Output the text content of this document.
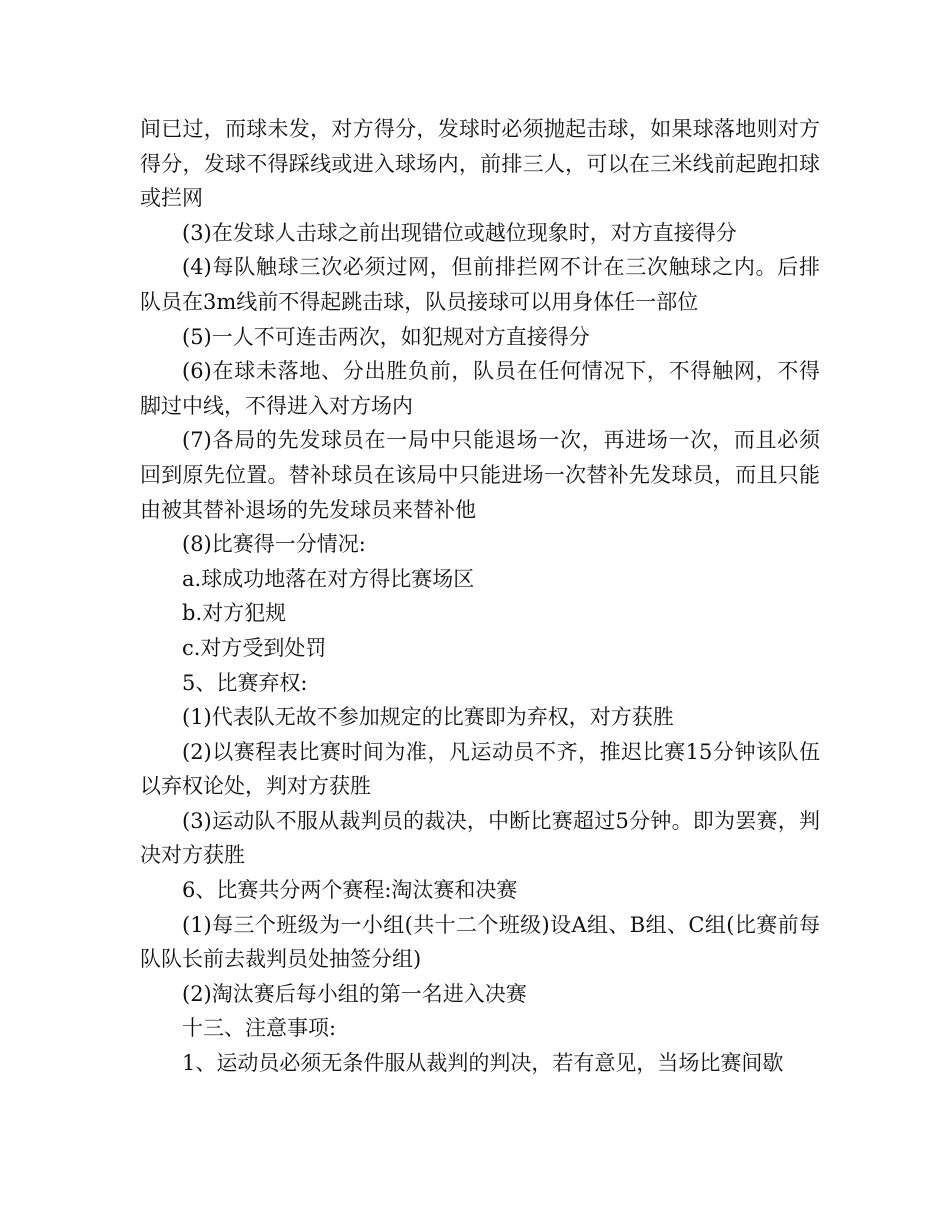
间已过，而球未发，对方得分，发球时必须抛起击球，如果球落地则对方得分，发球不得踩线或进入球场内，前排三人，可以在三米线前起跑扣球或拦网

(3)在发球人击球之前出现错位或越位现象时，对方直接得分

(4)每队触球三次必须过网，但前排拦网不计在三次触球之内。后排队员在3m线前不得起跳击球，队员接球可以用身体任一部位

(5)一人不可连击两次，如犯规对方直接得分

(6)在球未落地、分出胜负前，队员在任何情况下，不得触网，不得脚过中线，不得进入对方场内

(7)各局的先发球员在一局中只能退场一次，再进场一次，而且必须回到原先位置。替补球员在该局中只能进场一次替补先发球员，而且只能由被其替补退场的先发球员来替补他

(8)比赛得一分情况:

a.球成功地落在对方得比赛场区

b.对方犯规

c.对方受到处罚

5、比赛弃权:

(1)代表队无故不参加规定的比赛即为弃权，对方获胜

(2)以赛程表比赛时间为准，凡运动员不齐，推迟比赛15分钟该队伍以弃权论处，判对方获胜

(3)运动队不服从裁判员的裁决，中断比赛超过5分钟。即为罢赛，判决对方获胜

6、比赛共分两个赛程:淘汰赛和决赛

(1)每三个班级为一小组(共十二个班级)设A组、B组、C组(比赛前每队队长前去裁判员处抽签分组)

(2)淘汰赛后每小组的第一名进入决赛

十三、注意事项:

1、运动员必须无条件服从裁判的判决，若有意见，当场比赛间歇
